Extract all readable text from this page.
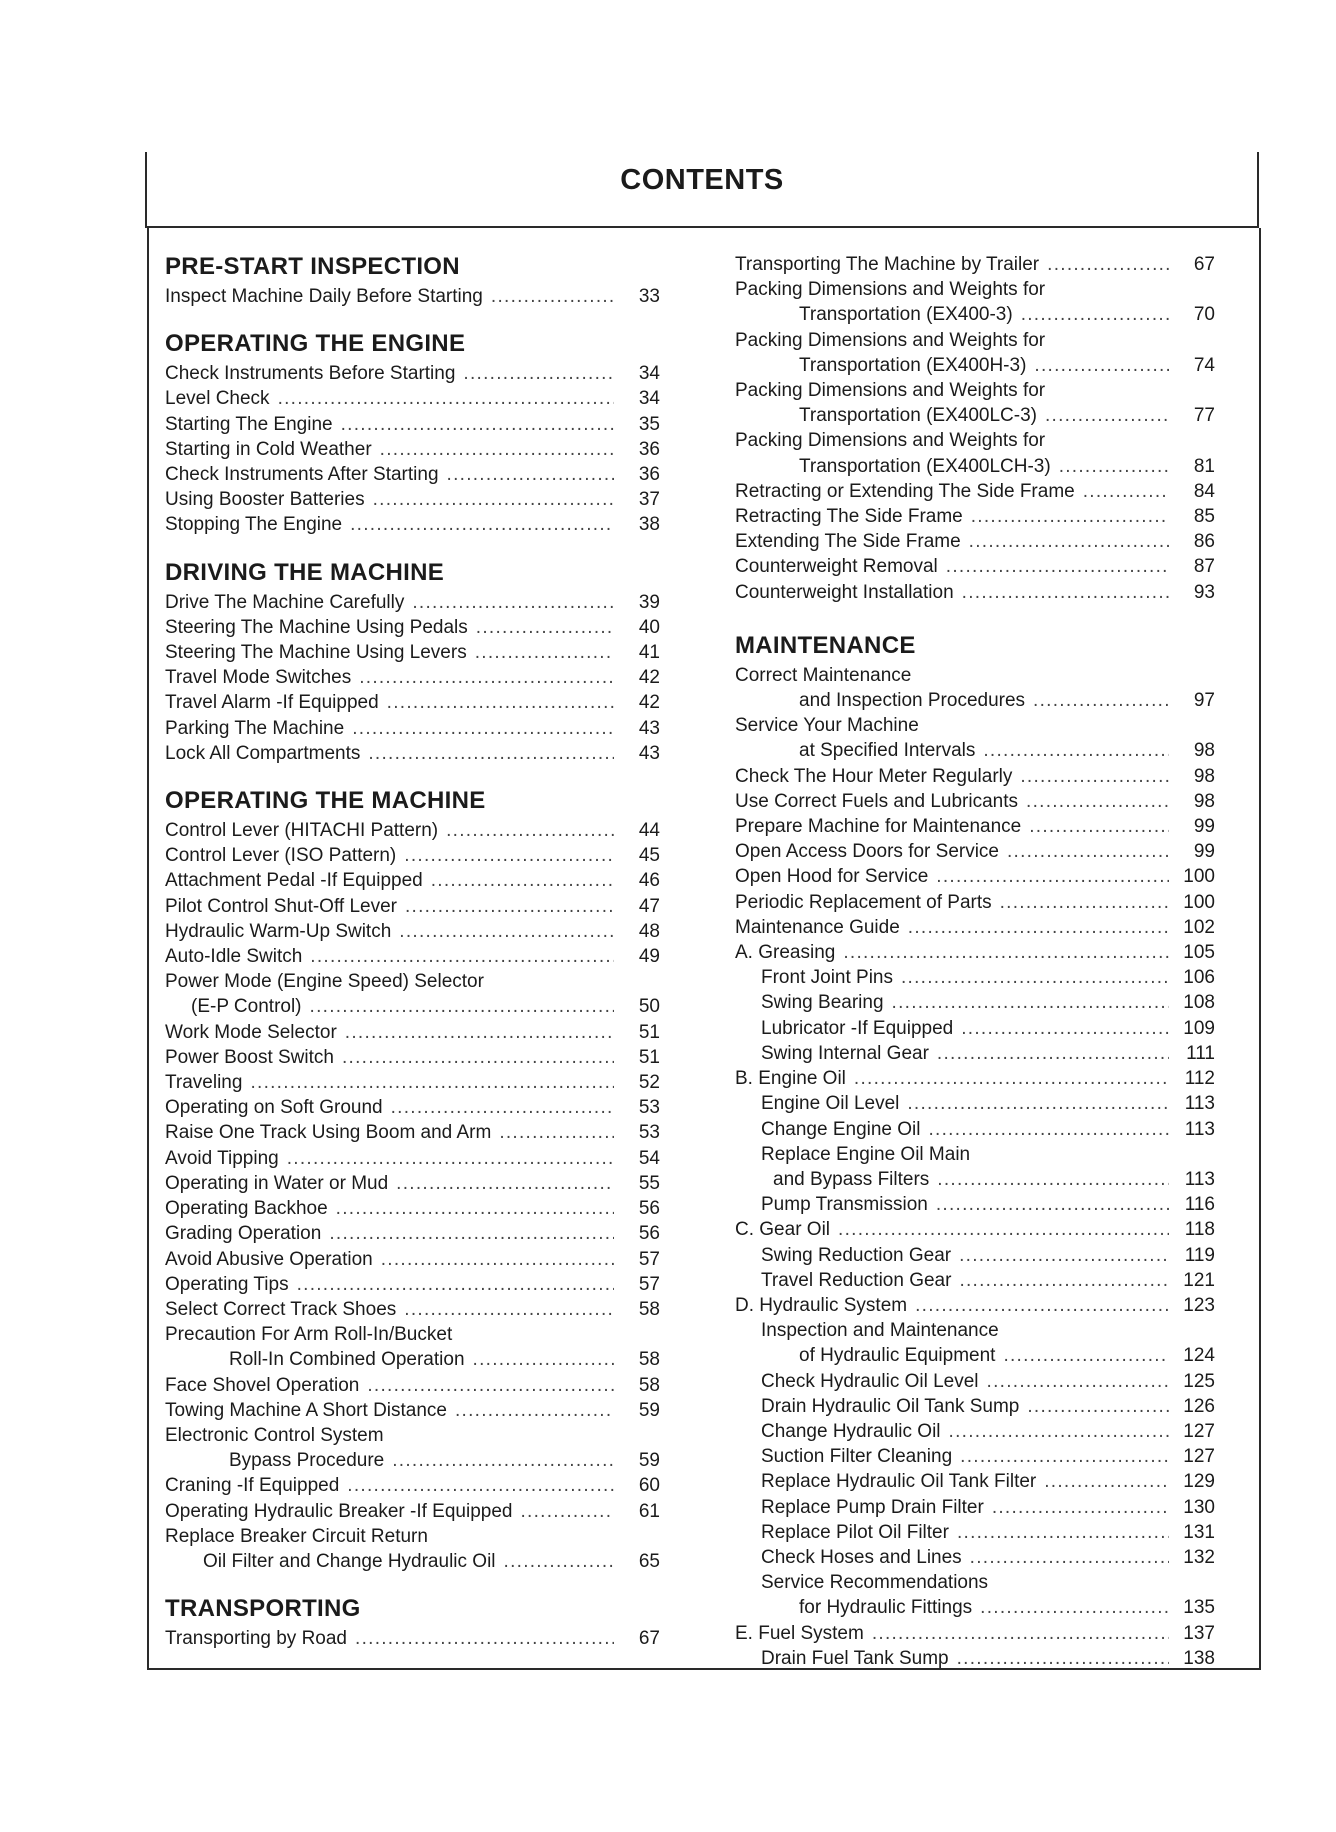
CONTENTS
PRE-START INSPECTION
Inspect Machine Daily Before Starting . . .	33
OPERATING THE ENGINE
Check Instruments Before Starting . . .	34
Level Check . . .	34
Starting The Engine . . .	35
Starting in Cold Weather . . .	36
Check Instruments After Starting . . .	36
Using Booster Batteries . . .	37
Stopping The Engine . . .	38
DRIVING THE MACHINE
Drive The Machine Carefully . . .	39
Steering The Machine Using Pedals . . .	40
Steering The Machine Using Levers . . .	41
Travel Mode Switches . . .	42
Travel Alarm -If Equipped . . .	42
Parking The Machine . . .	43
Lock All Compartments . . .	43
OPERATING THE MACHINE
Control Lever (HITACHI Pattern) . . .	44
Control Lever (ISO Pattern) . . .	45
Attachment Pedal -If Equipped . . .	46
Pilot Control Shut-Off Lever . . .	47
Hydraulic Warm-Up Switch . . .	48
Auto-Idle Switch . . .	49
Power Mode (Engine Speed) Selector
(E-P Control) . . .	50
Work Mode Selector . . .	51
Power Boost Switch . . .	51
Traveling . . .	52
Operating on Soft Ground . . .	53
Raise One Track Using Boom and Arm . . .	53
Avoid Tipping . . .	54
Operating in Water or Mud . . .	55
Operating Backhoe . . .	56
Grading Operation . . .	56
Avoid Abusive Operation . . .	57
Operating Tips . . .	57
Select Correct Track Shoes . . .	58
Precaution For Arm Roll-In/Bucket
Roll-In Combined Operation . . .	58
Face Shovel Operation . . .	58
Towing Machine A Short Distance . . .	59
Electronic Control System
Bypass Procedure . . .	59
Craning -If Equipped . . .	60
Operating Hydraulic Breaker -If Equipped . . .	61
Replace Breaker Circuit Return
Oil Filter and Change Hydraulic Oil . . .	65
TRANSPORTING
Transporting by Road . . .	67
Transporting The Machine by Trailer . . .	67
Packing Dimensions and Weights for
Transportation (EX400-3) . . .	70
Packing Dimensions and Weights for
Transportation (EX400H-3) . . .	74
Packing Dimensions and Weights for
Transportation (EX400LC-3) . . .	77
Packing Dimensions and Weights for
Transportation (EX400LCH-3) . . .	81
Retracting or Extending The Side Frame . . .	84
Retracting The Side Frame . . .	85
Extending The Side Frame . . .	86
Counterweight Removal . . .	87
Counterweight Installation . . .	93
MAINTENANCE
Correct Maintenance
and Inspection Procedures . . .	97
Service Your Machine
at Specified Intervals . . .	98
Check The Hour Meter Regularly . . .	98
Use Correct Fuels and Lubricants . . .	98
Prepare Machine for Maintenance . . .	99
Open Access Doors for Service . . .	99
Open Hood for Service . . .	100
Periodic Replacement of Parts . . .	100
Maintenance Guide . . .	102
A. Greasing . . .	105
Front Joint Pins . . .	106
Swing Bearing . . .	108
Lubricator -If Equipped . . .	109
Swing Internal Gear . . .	111
B. Engine Oil . . .	112
Engine Oil Level . . .	113
Change Engine Oil . . .	113
Replace Engine Oil Main
and Bypass Filters . . .	113
Pump Transmission . . .	116
C. Gear Oil . . .	118
Swing Reduction Gear . . .	119
Travel Reduction Gear . . .	121
D. Hydraulic System . . .	123
Inspection and Maintenance
of Hydraulic Equipment . . .	124
Check Hydraulic Oil Level . . .	125
Drain Hydraulic Oil Tank Sump . . .	126
Change Hydraulic Oil . . .	127
Suction Filter Cleaning . . .	127
Replace Hydraulic Oil Tank Filter . . .	129
Replace Pump Drain Filter . . .	130
Replace Pilot Oil Filter . . .	131
Check Hoses and Lines . . .	132
Service Recommendations
for Hydraulic Fittings . . .	135
E. Fuel System . . .	137
Drain Fuel Tank Sump . . .	138
